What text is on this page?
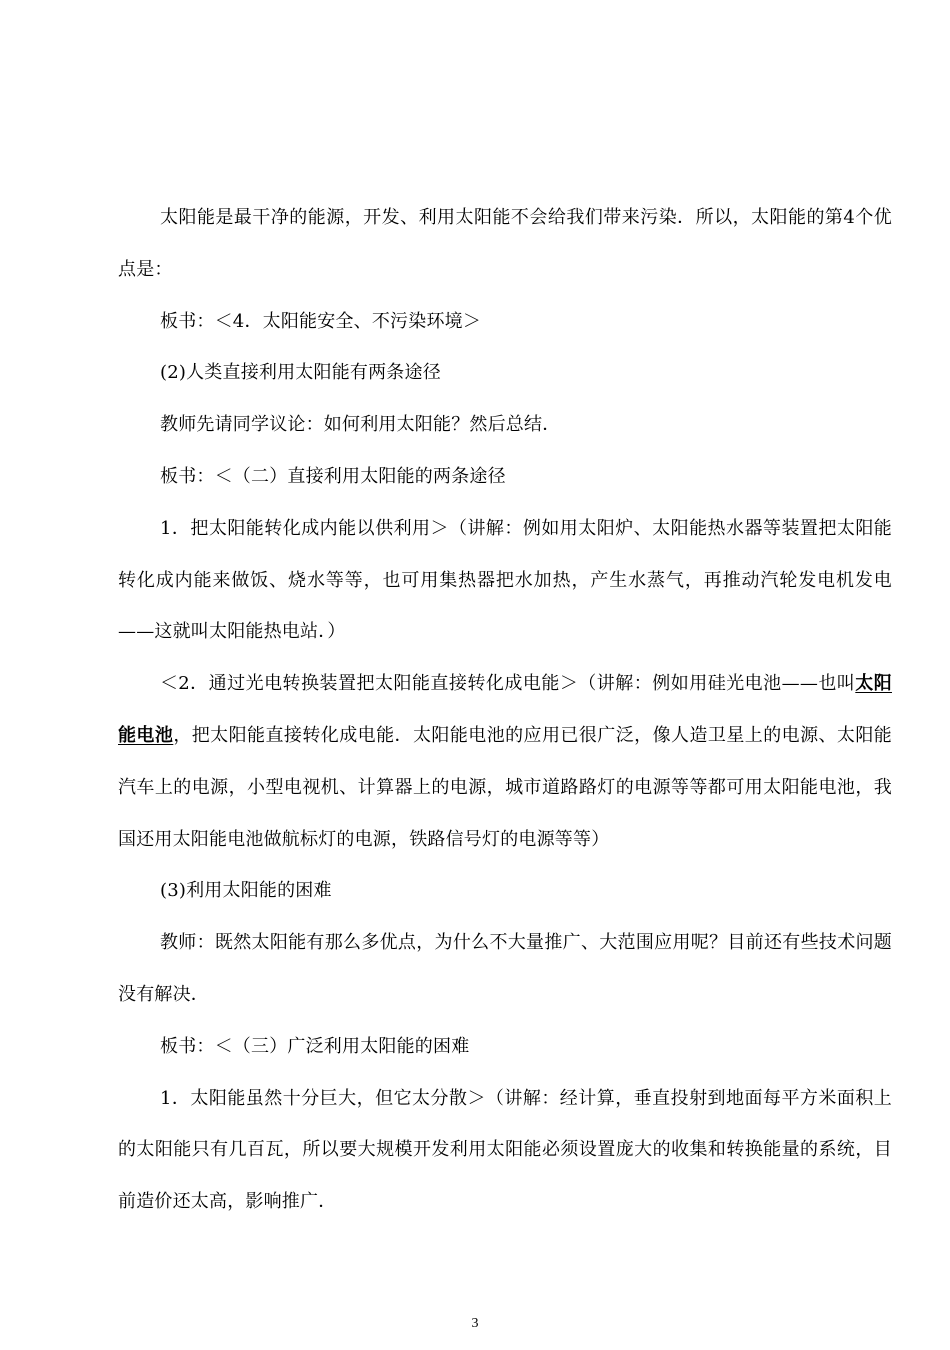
太阳能是最干净的能源，开发、利用太阳能不会给我们带来污染．所以，太阳能的第4个优点是：

板书：＜4．太阳能安全、不污染环境＞

(2)人类直接利用太阳能有两条途径

教师先请同学议论：如何利用太阳能？然后总结．

板书：＜（二）直接利用太阳能的两条途径

1．把太阳能转化成内能以供利用＞（讲解：例如用太阳炉、太阳能热水器等装置把太阳能转化成内能来做饭、烧水等等，也可用集热器把水加热，产生水蒸气，再推动汽轮发电机发电——这就叫太阳能热电站．）

＜2．通过光电转换装置把太阳能直接转化成电能＞（讲解：例如用硅光电池——也叫太阳能电池，把太阳能直接转化成电能．太阳能电池的应用已很广泛，像人造卫星上的电源、太阳能汽车上的电源，小型电视机、计算器上的电源，城市道路路灯的电源等等都可用太阳能电池，我国还用太阳能电池做航标灯的电源，铁路信号灯的电源等等）

(3)利用太阳能的困难

教师：既然太阳能有那么多优点，为什么不大量推广、大范围应用呢？目前还有些技术问题没有解决．

板书：＜（三）广泛利用太阳能的困难

1．太阳能虽然十分巨大，但它太分散＞（讲解：经计算，垂直投射到地面每平方米面积上的太阳能只有几百瓦，所以要大规模开发利用太阳能必须设置庞大的收集和转换能量的系统，目前造价还太高，影响推广．

3
